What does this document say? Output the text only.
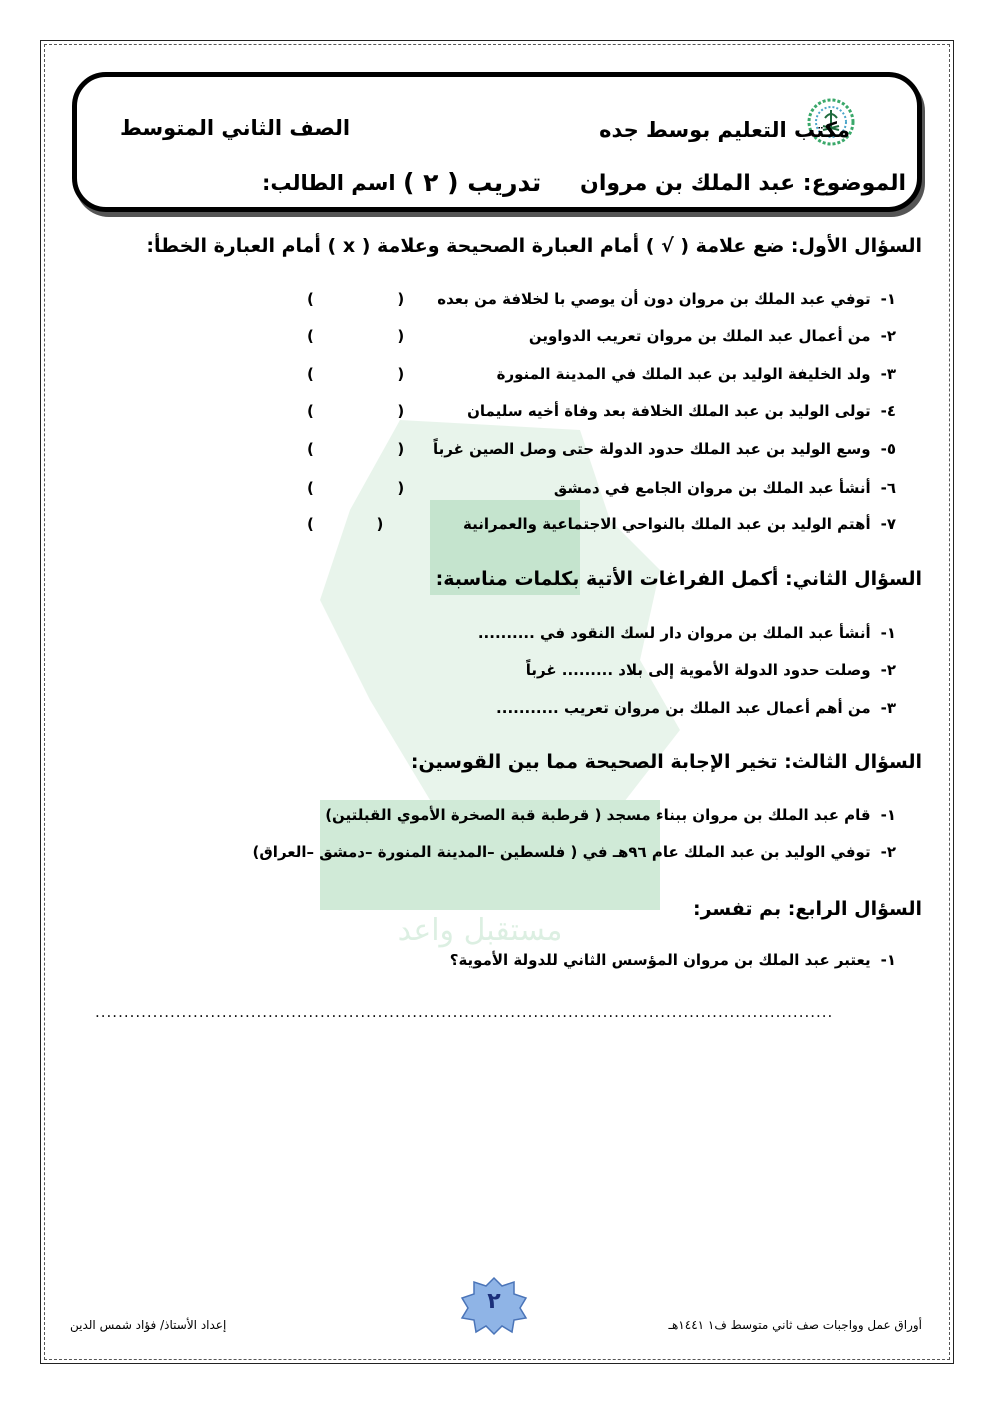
مستقبل واعد
مكتب التعليم بوسط جده
الصف الثاني المتوسط
الموضوع: عبد الملك بن مروان
تدريب ( ٢ )
اسم الطالب:
السؤال الأول: ضع علامة ( √ ) أمام العبارة الصحيحة وعلامة ( x ) أمام العبارة الخطأ:
١-توفي عبد الملك بن مروان دون أن يوصي با لخلافة من بعده
٢-من أعمال عبد الملك بن مروان تعريب الدواوين
٣-ولد الخليفة الوليد بن عبد الملك في المدينة المنورة
٤-تولى الوليد بن عبد الملك الخلافة بعد وفاة أخيه سليمان
٥-وسع الوليد بن عبد الملك حدود الدولة حتى وصل الصين غرباً
٦-أنشأ عبد الملك بن مروان الجامع في دمشق
٧-أهتم الوليد بن عبد الملك بالنواحي الاجتماعية والعمرانية
(                )
(                )
(                )
(                )
(                )
(                )
(            )
السؤال الثاني: أكمل الفراغات الأتية بكلمات مناسبة:
١-أنشأ عبد الملك بن مروان دار لسك النقود في ..........
٢-وصلت حدود الدولة الأموية إلى بلاد ......... غرباً
٣-من أهم أعمال عبد الملك بن مروان تعريب ...........
السؤال الثالث: تخير الإجابة الصحيحة مما بين القوسين:
١-قام عبد الملك بن مروان ببناء مسجد ( قرطبة قبة الصخرة الأموي القبلتين)
٢-توفي الوليد بن عبد الملك عام ٩٦هـ في ( فلسطين –المدينة المنورة –دمشق –العراق)
السؤال الرابع: بم تفسر:
١-يعتبر عبد الملك بن مروان المؤسس الثاني للدولة الأموية؟
................................................................................................................................
٢
إعداد الأستاذ/ فؤاد شمس الدين	أوراق عمل وواجبات صف ثاني متوسط ف١ ١٤٤١هـ
